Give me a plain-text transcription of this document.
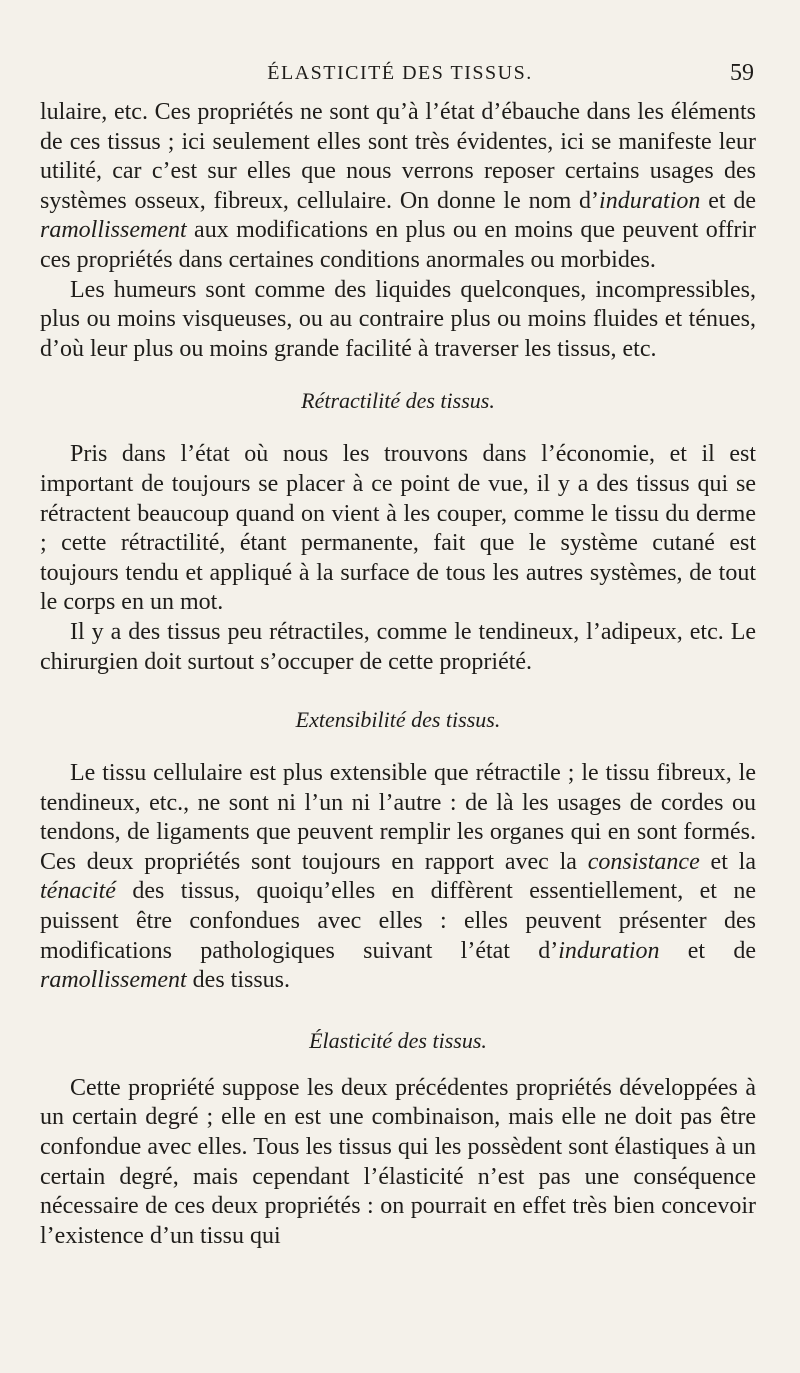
ÉLASTICITÉ DES TISSUS.	59

lulaire, etc. Ces propriétés ne sont qu’à l’état d’ébauche dans les éléments de ces tissus ; ici seulement elles sont très évidentes, ici se manifeste leur utilité, car c’est sur elles que nous verrons reposer certains usages des systèmes osseux, fibreux, cellulaire. On donne le nom d’induration et de ramollissement aux modifications en plus ou en moins que peuvent offrir ces propriétés dans certaines conditions anormales ou morbides.

Les humeurs sont comme des liquides quelconques, incompressibles, plus ou moins visqueuses, ou au contraire plus ou moins fluides et ténues, d’où leur plus ou moins grande facilité à traverser les tissus, etc.

Rétractilité des tissus.

Pris dans l’état où nous les trouvons dans l’économie, et il est important de toujours se placer à ce point de vue, il y a des tissus qui se rétractent beaucoup quand on vient à les couper, comme le tissu du derme ; cette rétractilité, étant permanente, fait que le système cutané est toujours tendu et appliqué à la surface de tous les autres systèmes, de tout le corps en un mot.

Il y a des tissus peu rétractiles, comme le tendineux, l’adipeux, etc. Le chirurgien doit surtout s’occuper de cette propriété.

Extensibilité des tissus.

Le tissu cellulaire est plus extensible que rétractile ; le tissu fibreux, le tendineux, etc., ne sont ni l’un ni l’autre : de là les usages de cordes ou tendons, de ligaments que peuvent remplir les organes qui en sont formés. Ces deux propriétés sont toujours en rapport avec la consistance et la ténacité des tissus, quoiqu’elles en diffèrent essentiellement, et ne puissent être confondues avec elles : elles peuvent présenter des modifications pathologiques suivant l’état d’induration et de ramollissement des tissus.

Élasticité des tissus.

Cette propriété suppose les deux précédentes propriétés développées à un certain degré ; elle en est une combinaison, mais elle ne doit pas être confondue avec elles. Tous les tissus qui les possèdent sont élastiques à un certain degré, mais cependant l’élasticité n’est pas une conséquence nécessaire de ces deux propriétés : on pourrait en effet très bien concevoir l’existence d’un tissu qui
